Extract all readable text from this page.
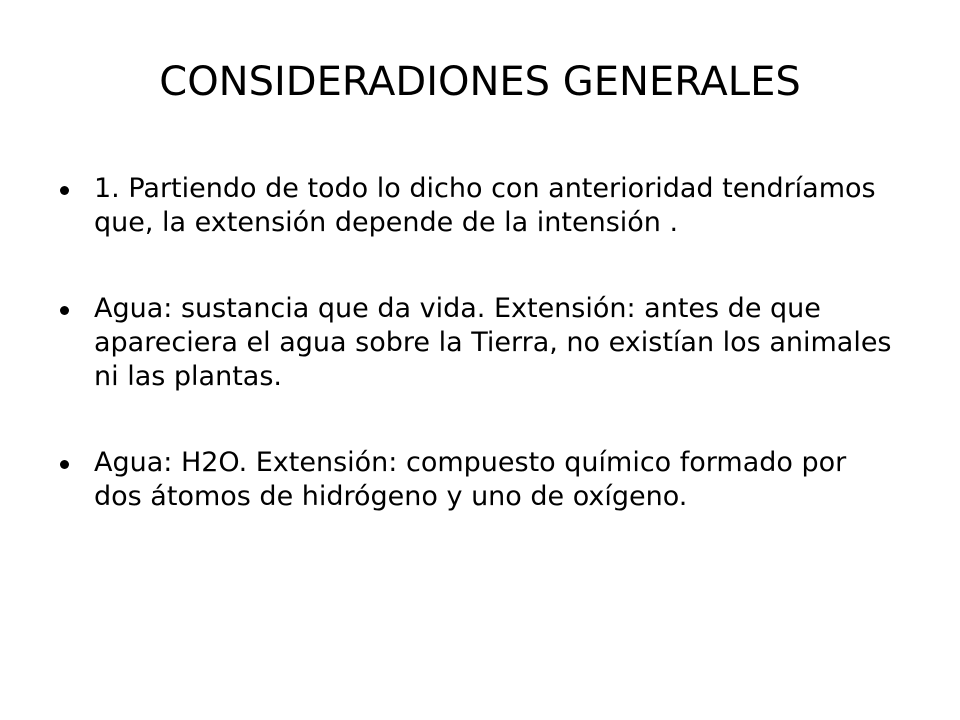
CONSIDERADIONES GENERALES
1. Partiendo de todo lo dicho con anterioridad tendríamos que, la extensión depende de la intensión .
Agua: sustancia que da vida. Extensión: antes de que apareciera el agua sobre la Tierra, no existían los animales ni las plantas.
Agua: H2O. Extensión: compuesto químico formado por dos átomos de hidrógeno y uno de oxígeno.
